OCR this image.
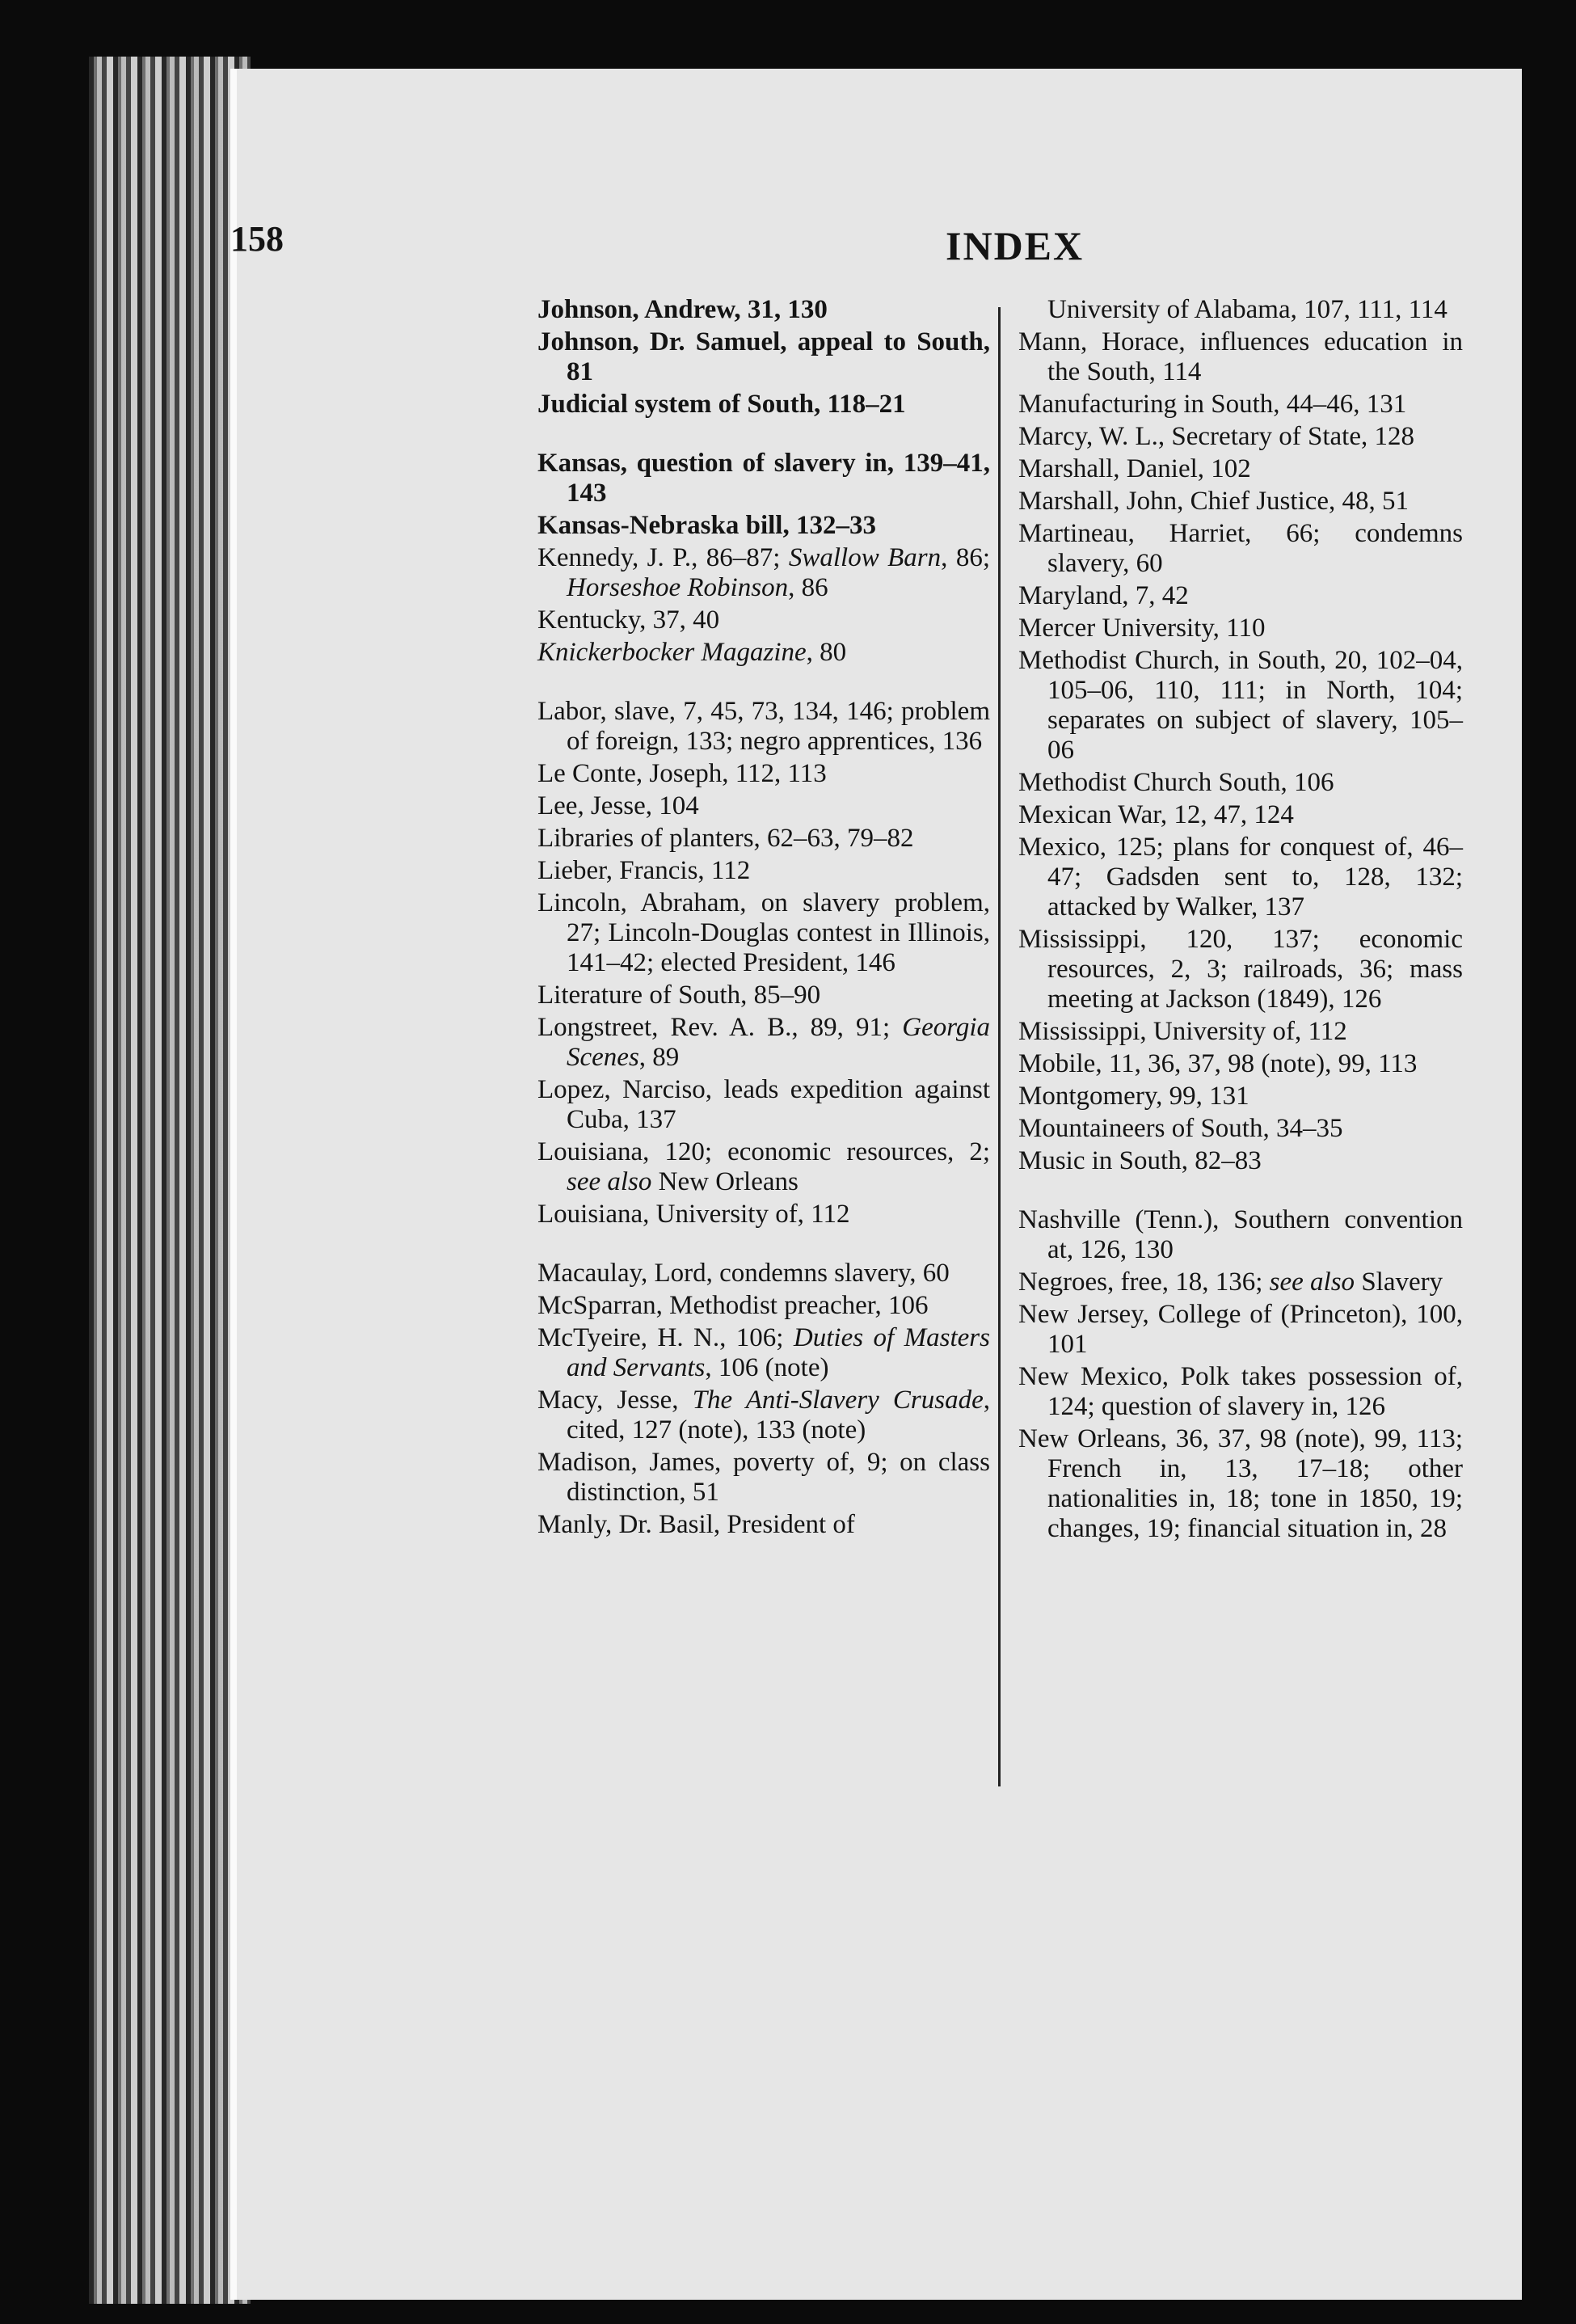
158	INDEX
Johnson, Andrew, 31, 130
Johnson, Dr. Samuel, appeal to South, 81
Judicial system of South, 118–21
Kansas, question of slavery in, 139–41, 143
Kansas-Nebraska bill, 132–33
Kennedy, J. P., 86–87; Swallow Barn, 86; Horseshoe Robinson, 86
Kentucky, 37, 40
Knickerbocker Magazine, 80
Labor, slave, 7, 45, 73, 134, 146; problem of foreign, 133; negro apprentices, 136
Le Conte, Joseph, 112, 113
Lee, Jesse, 104
Libraries of planters, 62–63, 79–82
Lieber, Francis, 112
Lincoln, Abraham, on slavery problem, 27; Lincoln-Douglas contest in Illinois, 141–42; elected President, 146
Literature of South, 85–90
Longstreet, Rev. A. B., 89, 91; Georgia Scenes, 89
Lopez, Narciso, leads expedition against Cuba, 137
Louisiana, 120; economic resources, 2; see also New Orleans
Louisiana, University of, 112
Macaulay, Lord, condemns slavery, 60
McSparran, Methodist preacher, 106
McTyeire, H. N., 106; Duties of Masters and Servants, 106 (note)
Macy, Jesse, The Anti-Slavery Crusade, cited, 127 (note), 133 (note)
Madison, James, poverty of, 9; on class distinction, 51
Manly, Dr. Basil, President of
University of Alabama, 107, 111, 114
Mann, Horace, influences education in the South, 114
Manufacturing in South, 44–46, 131
Marcy, W. L., Secretary of State, 128
Marshall, Daniel, 102
Marshall, John, Chief Justice, 48, 51
Martineau, Harriet, 66; condemns slavery, 60
Maryland, 7, 42
Mercer University, 110
Methodist Church, in South, 20, 102–04, 105–06, 110, 111; in North, 104; separates on subject of slavery, 105–06
Methodist Church South, 106
Mexican War, 12, 47, 124
Mexico, 125; plans for conquest of, 46–47; Gadsden sent to, 128, 132; attacked by Walker, 137
Mississippi, 120, 137; economic resources, 2, 3; railroads, 36; mass meeting at Jackson (1849), 126
Mississippi, University of, 112
Mobile, 11, 36, 37, 98 (note), 99, 113
Montgomery, 99, 131
Mountaineers of South, 34–35
Music in South, 82–83
Nashville (Tenn.), Southern convention at, 126, 130
Negroes, free, 18, 136; see also Slavery
New Jersey, College of (Princeton), 100, 101
New Mexico, Polk takes possession of, 124; question of slavery in, 126
New Orleans, 36, 37, 98 (note), 99, 113; French in, 13, 17–18; other nationalities in, 18; tone in 1850, 19; changes, 19; financial situation in, 28
